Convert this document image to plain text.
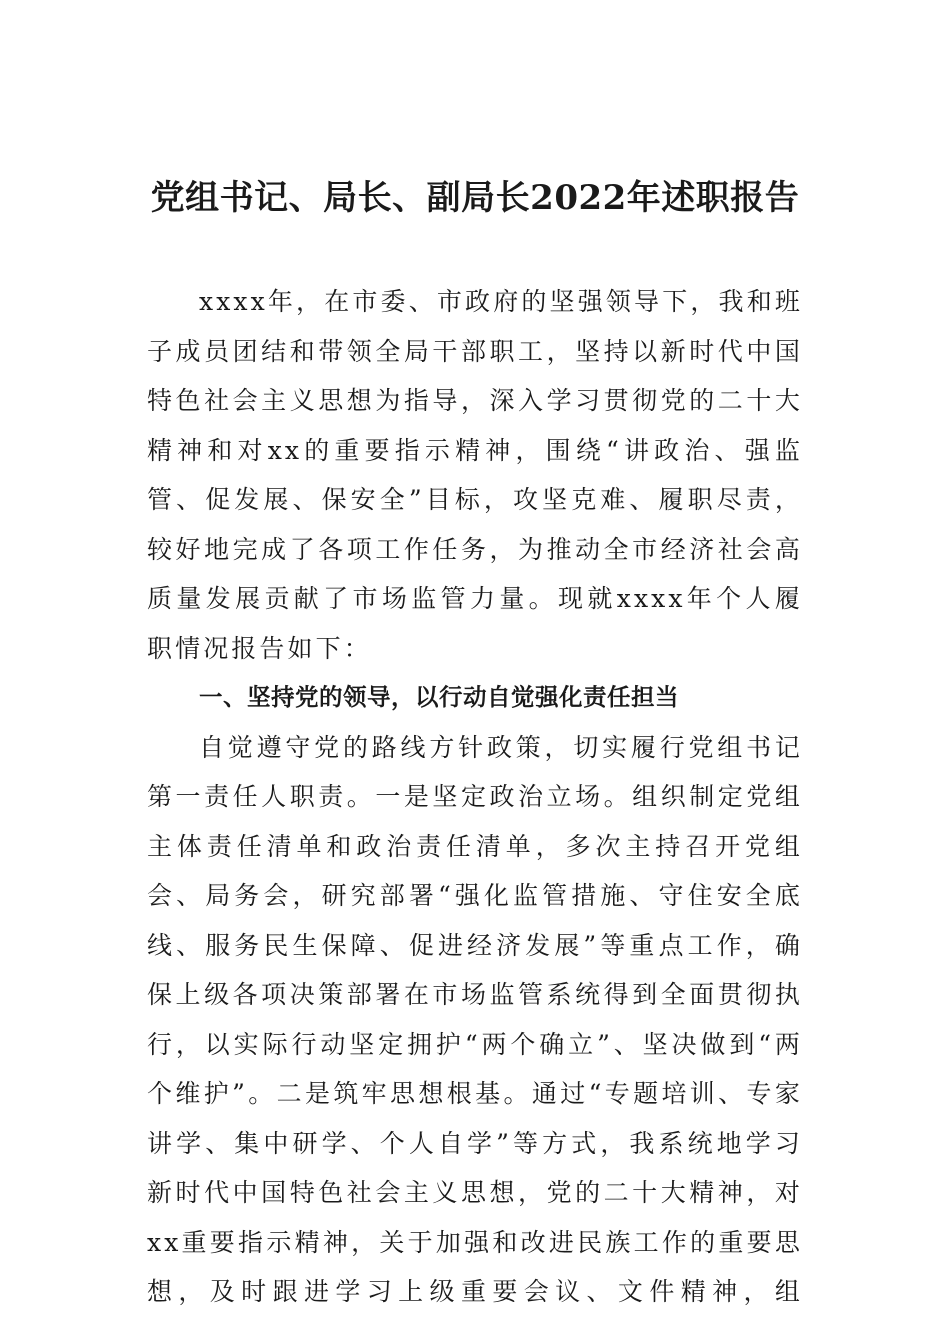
党组书记、局长、副局长2022年述职报告

xxxx年，在市委、市政府的坚强领导下，我和班子成员团结和带领全局干部职工，坚持以新时代中国特色社会主义思想为指导，深入学习贯彻党的二十大精神和对xx的重要指示精神，围绕“讲政治、强监管、促发展、保安全”目标，攻坚克难、履职尽责，较好地完成了各项工作任务，为推动全市经济社会高质量发展贡献了市场监管力量。现就xxxx年个人履职情况报告如下：

一、坚持党的领导，以行动自觉强化责任担当

自觉遵守党的路线方针政策，切实履行党组书记第一责任人职责。一是坚定政治立场。组织制定党组主体责任清单和政治责任清单，多次主持召开党组会、局务会，研究部署“强化监管措施、守住安全底线、服务民生保障、促进经济发展”等重点工作，确保上级各项决策部署在市场监管系统得到全面贯彻执行，以实际行动坚定拥护“两个确立”、坚决做到“两个维护”。二是筑牢思想根基。通过“专题培训、专家讲学、集中研学、个人自学”等方式，我系统地学习新时代中国特色社会主义思想，党的二十大精神，对xx重要指示精神，关于加强和改进民族工作的重要思想，及时跟进学习上级重要会议、文件精神，组
